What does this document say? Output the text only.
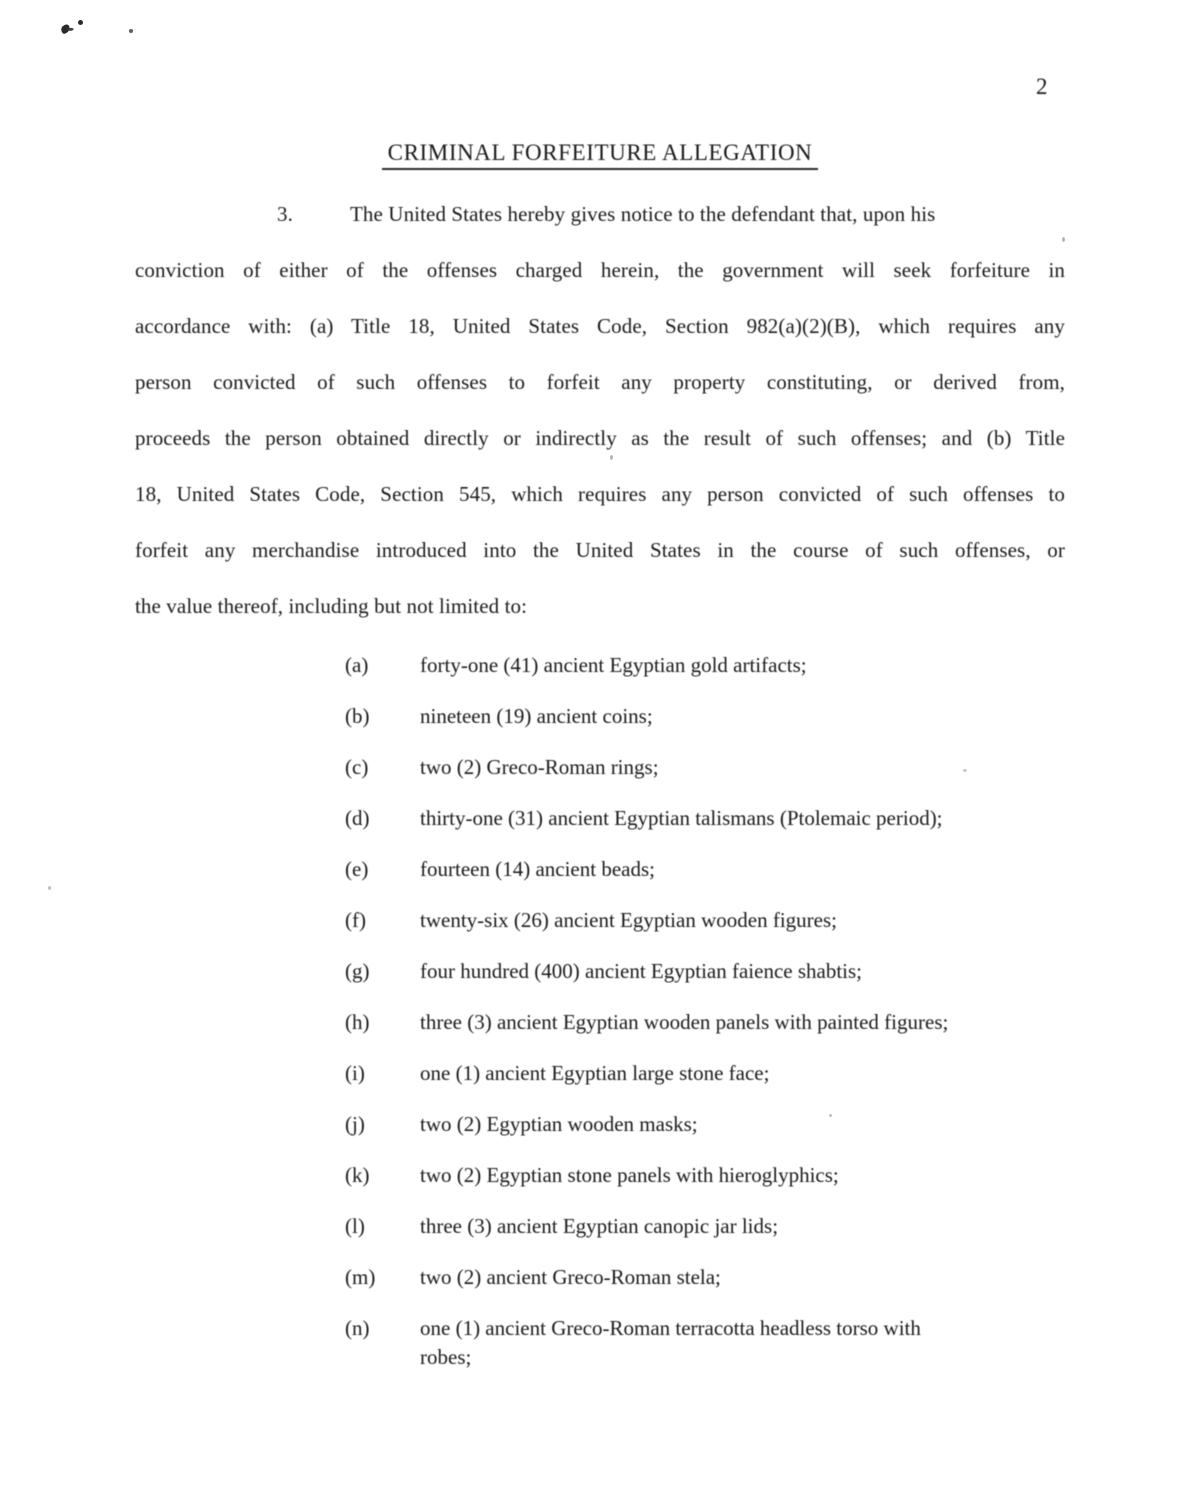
2
CRIMINAL FORFEITURE ALLEGATION
3.	The United States hereby gives notice to the defendant that, upon his
conviction of either of the offenses charged herein, the government will seek forfeiture in
accordance with: (a) Title 18, United States Code, Section 982(a)(2)(B), which requires any
person convicted of such offenses to forfeit any property constituting, or derived from,
proceeds the person obtained directly or indirectly as the result of such offenses; and (b) Title
18, United States Code, Section 545, which requires any person convicted of such offenses to
forfeit any merchandise introduced into the United States in the course of such offenses, or
the value thereof, including but not limited to:
(a)	forty-one (41) ancient Egyptian gold artifacts;
(b)	nineteen (19) ancient coins;
(c)	two (2) Greco-Roman rings;
(d)	thirty-one (31) ancient Egyptian talismans (Ptolemaic period);
(e)	fourteen (14) ancient beads;
(f)	twenty-six (26) ancient Egyptian wooden figures;
(g)	four hundred (400) ancient Egyptian faience shabtis;
(h)	three (3) ancient Egyptian wooden panels with painted figures;
(i)	one (1) ancient Egyptian large stone face;
(j)	two (2) Egyptian wooden masks;
(k)	two (2) Egyptian stone panels with hieroglyphics;
(l)	three (3) ancient Egyptian canopic jar lids;
(m)	two (2) ancient Greco-Roman stela;
(n)	one (1) ancient Greco-Roman terracotta headless torso with
robes;
